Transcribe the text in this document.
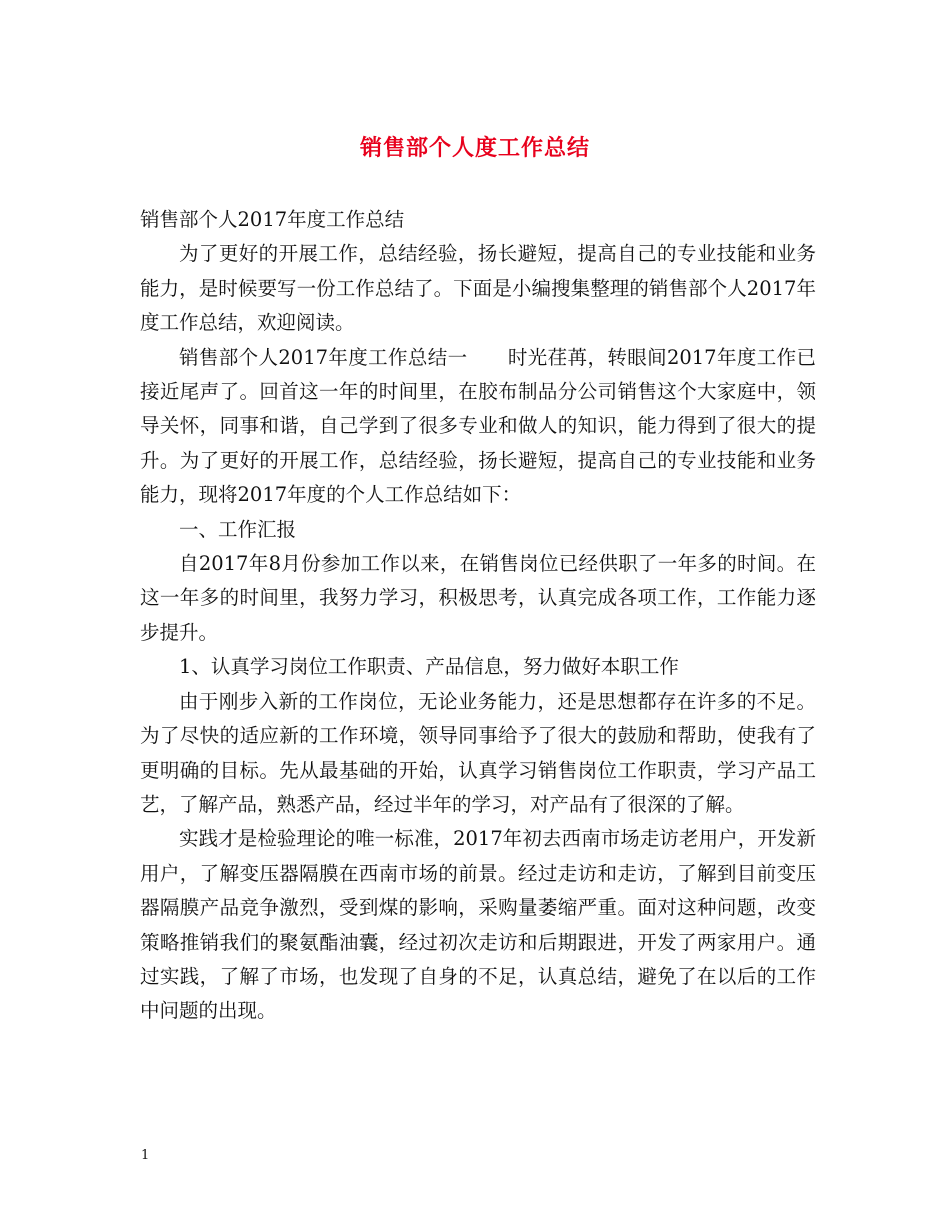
销售部个人度工作总结

销售部个人2017年度工作总结

为了更好的开展工作，总结经验，扬长避短，提高自己的专业技能和业务能力，是时候要写一份工作总结了。下面是小编搜集整理的销售部个人2017年度工作总结，欢迎阅读。

销售部个人2017年度工作总结一 时光荏苒，转眼间2017年度工作已接近尾声了。回首这一年的时间里，在胶布制品分公司销售这个大家庭中，领导关怀，同事和谐，自己学到了很多专业和做人的知识，能力得到了很大的提升。为了更好的开展工作，总结经验，扬长避短，提高自己的专业技能和业务能力，现将2017年度的个人工作总结如下：

一、工作汇报

自2017年8月份参加工作以来，在销售岗位已经供职了一年多的时间。在这一年多的时间里，我努力学习，积极思考，认真完成各项工作，工作能力逐步提升。

1、认真学习岗位工作职责、产品信息，努力做好本职工作

由于刚步入新的工作岗位，无论业务能力，还是思想都存在许多的不足。为了尽快的适应新的工作环境，领导同事给予了很大的鼓励和帮助，使我有了更明确的目标。先从最基础的开始，认真学习销售岗位工作职责，学习产品工艺，了解产品，熟悉产品，经过半年的学习，对产品有了很深的了解。

实践才是检验理论的唯一标准，2017年初去西南市场走访老用户，开发新用户，了解变压器隔膜在西南市场的前景。经过走访和走访，了解到目前变压器隔膜产品竞争激烈，受到煤的影响，采购量萎缩严重。面对这种问题，改变策略推销我们的聚氨酯油囊，经过初次走访和后期跟进，开发了两家用户。通过实践，了解了市场，也发现了自身的不足，认真总结，避免了在以后的工作中问题的出现。

1
